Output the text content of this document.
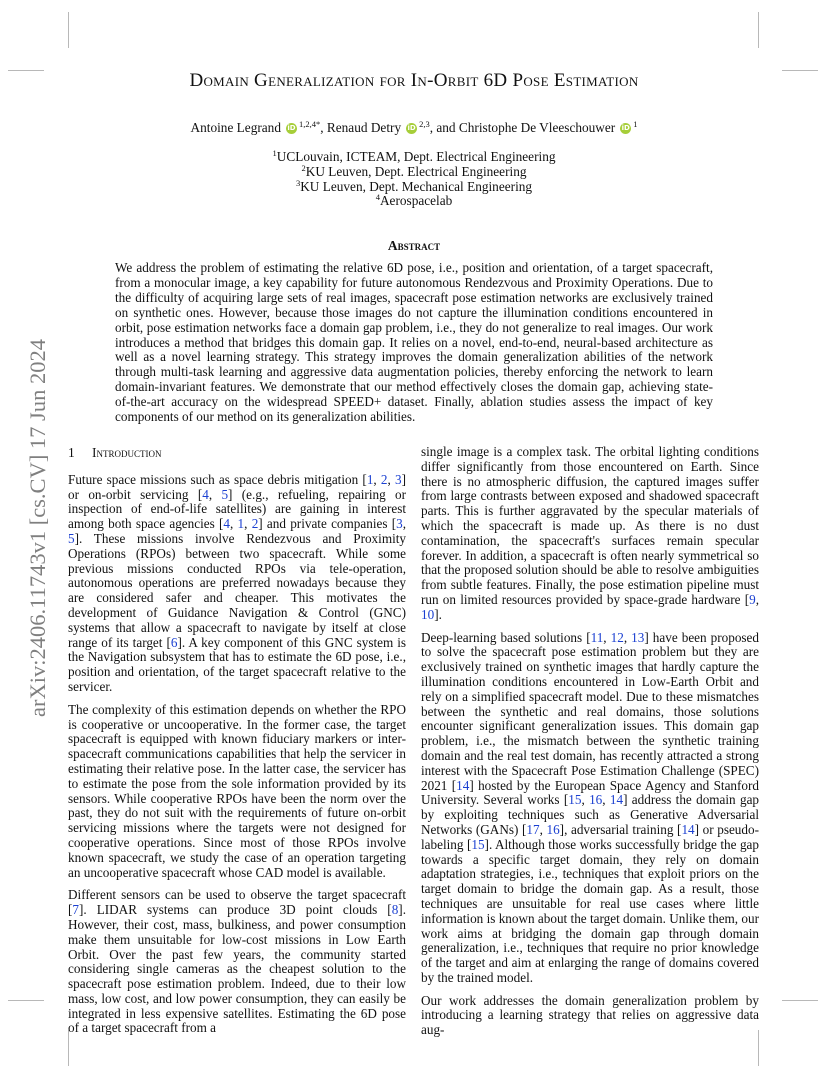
arXiv:2406.11743v1 [cs.CV] 17 Jun 2024
Domain Generalization for In-Orbit 6D Pose Estimation
Antoine Legrand iD $^{1,2,4*}$, Renaud Detry iD $^{2,3}$, and Christophe De Vleeschouwer iD $^1$
$^1$UCLouvain, ICTEAM, Dept. Electrical Engineering
$^2$KU Leuven, Dept. Electrical Engineering
$^3$KU Leuven, Dept. Mechanical Engineering
$^4$Aerospacelab
Abstract

We address the problem of estimating the relative 6D pose, i.e., position and orientation, of a target spacecraft, from a monocular image, a key capability for future autonomous Rendezvous and Proximity Operations. Due to the difficulty of acquiring large sets of real images, spacecraft pose estimation networks are exclusively trained on synthetic ones. However, because those images do not capture the illumination conditions encountered in orbit, pose estimation networks face a domain gap problem, i.e., they do not generalize to real images. Our work introduces a method that bridges this domain gap. It relies on a novel, end-to-end, neural-based architecture as well as a novel learning strategy. This strategy improves the domain generalization abilities of the network through multi-task learning and aggressive data augmentation policies, thereby enforcing the network to learn domain-invariant features. We demonstrate that our method effectively closes the domain gap, achieving state-of-the-art accuracy on the widespread SPEED+ dataset. Finally, ablation studies assess the impact of key components of our method on its generalization abilities.

1 Introduction

Future space missions such as space debris mitigation [1, 2, 3] or on-orbit servicing [4, 5] (e.g., refueling, repairing or inspection of end-of-life satellites) are gaining in interest among both space agencies [4, 1, 2] and private companies [3, 5]. These missions involve Rendezvous and Proximity Operations (RPOs) between two spacecraft. While some previous missions conducted RPOs via tele-operation, autonomous operations are preferred nowadays because they are considered safer and cheaper. This motivates the development of Guidance Navigation & Control (GNC) systems that allow a spacecraft to navigate by itself at close range of its target [6]. A key component of this GNC system is the Navigation subsystem that has to estimate the 6D pose, i.e., position and orientation, of the target spacecraft relative to the servicer.

The complexity of this estimation depends on whether the RPO is cooperative or uncooperative. In the former case, the target spacecraft is equipped with known fiduciary markers or inter-spacecraft communications capabilities that help the servicer in estimating their relative pose. In the latter case, the servicer has to estimate the pose from the sole information provided by its sensors. While cooperative RPOs have been the norm over the past, they do not suit with the requirements of future on-orbit servicing missions where the targets were not designed for cooperative operations. Since most of those RPOs involve known spacecraft, we study the case of an operation targeting an uncooperative spacecraft whose CAD model is available.

Different sensors can be used to observe the target spacecraft [7]. LIDAR systems can produce 3D point clouds [8]. However, their cost, mass, bulkiness, and power consumption make them unsuitable for low-cost missions in Low Earth Orbit. Over the past few years, the community started considering single cameras as the cheapest solution to the spacecraft pose estimation problem. Indeed, due to their low mass, low cost, and low power consumption, they can easily be integrated in less expensive satellites. Estimating the 6D pose of a target spacecraft from a

single image is a complex task. The orbital lighting conditions differ significantly from those encountered on Earth. Since there is no atmospheric diffusion, the captured images suffer from large contrasts between exposed and shadowed spacecraft parts. This is further aggravated by the specular materials of which the spacecraft is made up. As there is no dust contamination, the spacecraft's surfaces remain specular forever. In addition, a spacecraft is often nearly symmetrical so that the proposed solution should be able to resolve ambiguities from subtle features. Finally, the pose estimation pipeline must run on limited resources provided by space-grade hardware [9, 10].

Deep-learning based solutions [11, 12, 13] have been proposed to solve the spacecraft pose estimation problem but they are exclusively trained on synthetic images that hardly capture the illumination conditions encountered in Low-Earth Orbit and rely on a simplified spacecraft model. Due to these mismatches between the synthetic and real domains, those solutions encounter significant generalization issues. This domain gap problem, i.e., the mismatch between the synthetic training domain and the real test domain, has recently attracted a strong interest with the Spacecraft Pose Estimation Challenge (SPEC) 2021 [14] hosted by the European Space Agency and Stanford University. Several works [15, 16, 14] address the domain gap by exploiting techniques such as Generative Adversarial Networks (GANs) [17, 16], adversarial training [14] or pseudo-labeling [15]. Although those works successfully bridge the gap towards a specific target domain, they rely on domain adaptation strategies, i.e., techniques that exploit priors on the target domain to bridge the domain gap. As a result, those techniques are unsuitable for real use cases where little information is known about the target domain. Unlike them, our work aims at bridging the domain gap through domain generalization, i.e., techniques that require no prior knowledge of the target and aim at enlarging the range of domains covered by the trained model.

Our work addresses the domain generalization problem by introducing a learning strategy that relies on aggressive data aug-
